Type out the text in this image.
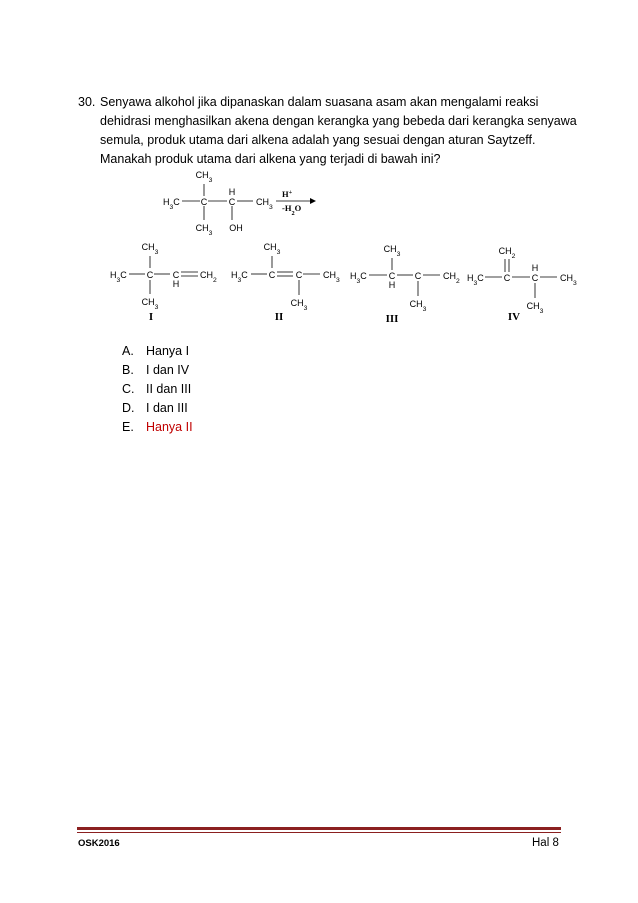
30. Senyawa alkohol jika dipanaskan dalam suasana asam akan mengalami reaksi
dehidrasi menghasilkan akena dengan kerangka yang bebeda dari kerangka senyawa
semula, produk utama dari alkena adalah yang sesuai dengan aturan Saytzeff.
Manakah produk utama dari alkena yang terjadi di bawah ini?
$CH_3$
$H_3C$ C C
H
$CH_3$
$CH_3$ OH
H+
$-H_2O$
$CH_3$
$H_3C$ C C
H
$CH_2$
$CH_3$
I
$CH_3$
$H_3C$ C C $CH_3$
$CH_3$
II
$CH_3$
$H_3C$ C
H
C $CH_2$
$CH_3$
III
$CH_2$
$H_3C$ C
H
C $CH_3$
$CH_3$
IV
A. Hanya I
B. I dan IV
C. II dan III
D. I dan III
E. Hanya II
OSK2016	Hal 8
